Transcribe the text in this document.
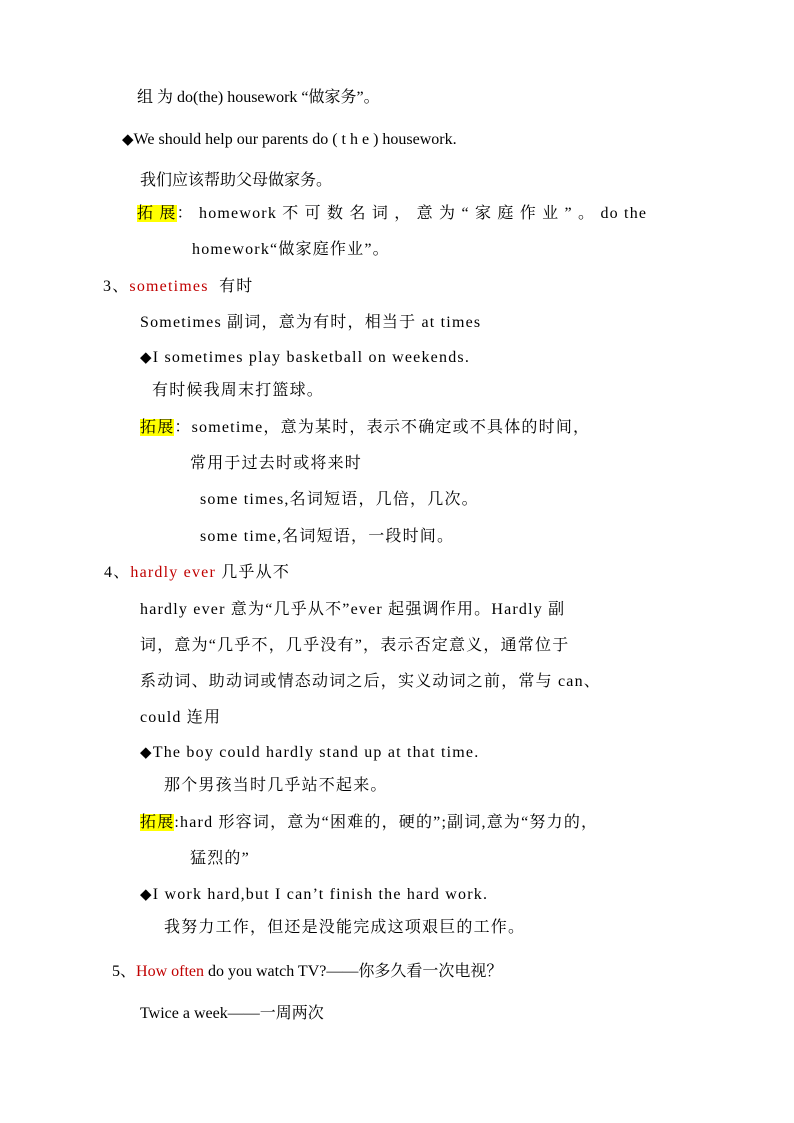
组 为 do(the) housework “做家务”。
◆We should help our parents do ( t h e ) housework.
我们应该帮助父母做家务。
拓 展： homework 不 可 数 名 词 ， 意 为 “ 家 庭 作 业 ” 。 do the
homework“做家庭作业”。
3、sometimes 有时
Sometimes 副词，意为有时，相当于 at times
◆I sometimes play basketball on weekends.
有时候我周末打篮球。
拓展：sometime，意为某时，表示不确定或不具体的时间，
常用于过去时或将来时
some times,名词短语，几倍，几次。
some time,名词短语，一段时间。
4、hardly ever 几乎从不
hardly ever 意为“几乎从不”ever 起强调作用。Hardly 副
词，意为“几乎不，几乎没有”，表示否定意义，通常位于
系动词、助动词或情态动词之后，实义动词之前，常与 can、
could 连用
◆The boy could hardly stand up at that time.
那个男孩当时几乎站不起来。
拓展:hard 形容词，意为“困难的，硬的”;副词,意为“努力的，
猛烈的”
◆I work hard,but I can’t finish the hard work.
我努力工作，但还是没能完成这项艰巨的工作。
5、How often do you watch TV?——你多久看一次电视？
Twice a week——一周两次
